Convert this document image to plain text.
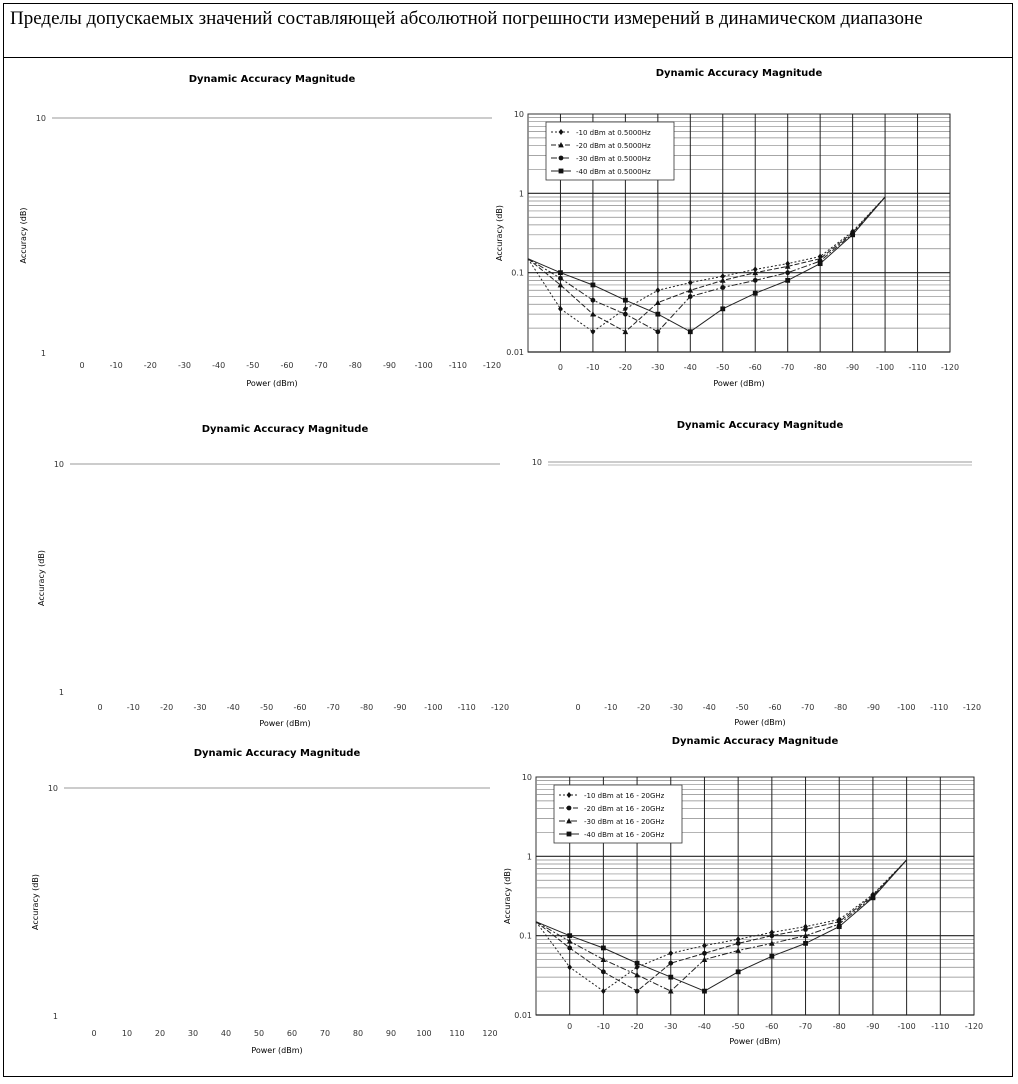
Пределы допускаемых значений составляющей абсолютной погрешности измерений в динамическом диапазоне
Dynamic Accuracy Magnitude
Accuracy (dB)
Power (dBm)
10
1
0	-10	-20	-30	-40	-50	-60	-70	-80	-90 -100 -110 -120
Dynamic Accuracy Magnitude
Accuracy (dB)
Power (dBm)
10
1
0.1
0.01
0	-10 -20 -30 -40 -50 -60 -70 -80 -90 -100 -110 -120
-10 dBm at 0.5000Hz
-20 dBm at 0.5000Hz
-30 dBm at 0.5000Hz
-40 dBm at 0.5000Hz
Dynamic Accuracy Magnitude
Accuracy (dB)
Power (dBm)
10
1
0	-10	-20	-30	-40	-50	-60	-70	-80	-90 -100 -110 -120
Dynamic Accuracy Magnitude
Power (dBm)
10
0	-10 -20 -30 -40 -50 -60 -70 -80 -90 -100 -110 -120
Dynamic Accuracy Magnitude
Accuracy (dB)
Power (dBm)
10
1
0	10	20	30	40	50	60	70	80	90	100 110 120
Dynamic Accuracy Magnitude
Accuracy (dB)
Power (dBm)
10
1
0.1
0.01
0	-10	-20	-30	-40	-50	-60	-70	-80	-90 -100 -110 -120
-10 dBm at 16 - 20GHz
-20 dBm at 16 - 20GHz
-30 dBm at 16 - 20GHz
-40 dBm at 16 - 20GHz
